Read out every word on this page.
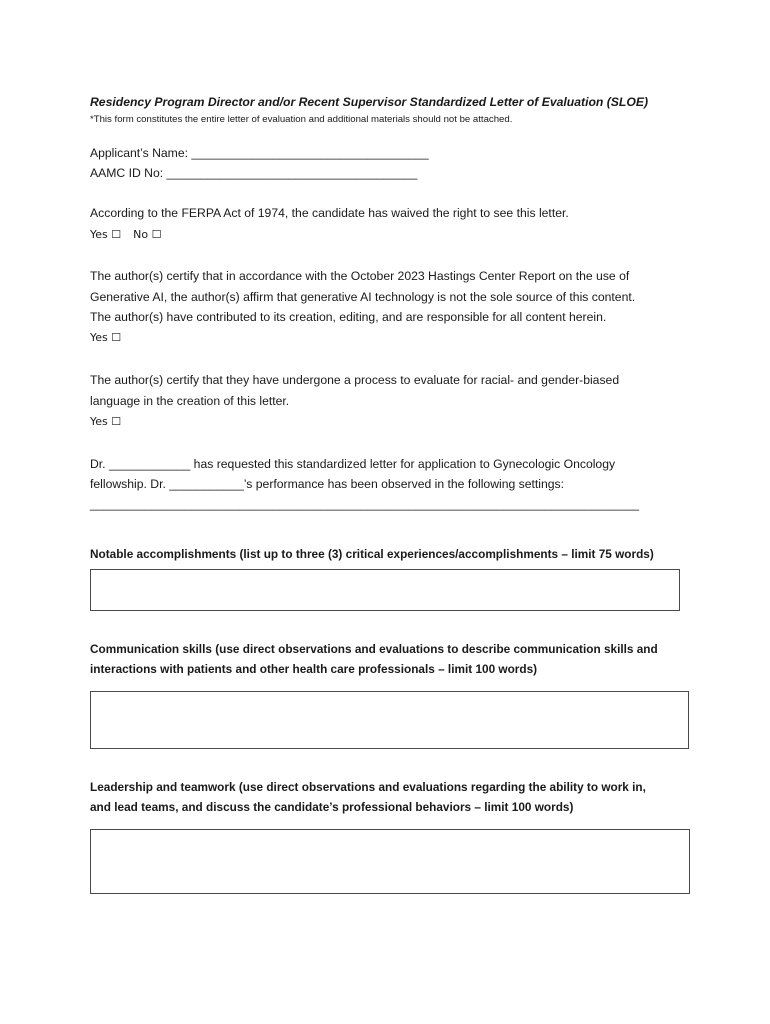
Residency Program Director and/or Recent Supervisor Standardized Letter of Evaluation (SLOE)
*This form constitutes the entire letter of evaluation and additional materials should not be attached.
Applicant’s Name: ___________________________________
AAMC ID No: _____________________________________
According to the FERPA Act of 1974, the candidate has waived the right to see this letter.
Yes ☐ No ☐
The author(s) certify that in accordance with the October 2023 Hastings Center Report on the use of
Generative AI, the author(s) affirm that generative AI technology is not the sole source of this content.
The author(s) have contributed to its creation, editing, and are responsible for all content herein.
Yes ☐
The author(s) certify that they have undergone a process to evaluate for racial- and gender-biased
language in the creation of this letter.
Yes ☐
Dr. ____________ has requested this standardized letter for application to Gynecologic Oncology
fellowship. Dr. ___________’s performance has been observed in the following settings:
_________________________________________________________________________________
Notable accomplishments (list up to three (3) critical experiences/accomplishments – limit 75 words)
Communication skills (use direct observations and evaluations to describe communication skills and
interactions with patients and other health care professionals – limit 100 words)
Leadership and teamwork (use direct observations and evaluations regarding the ability to work in,
and lead teams, and discuss the candidate’s professional behaviors – limit 100 words)
